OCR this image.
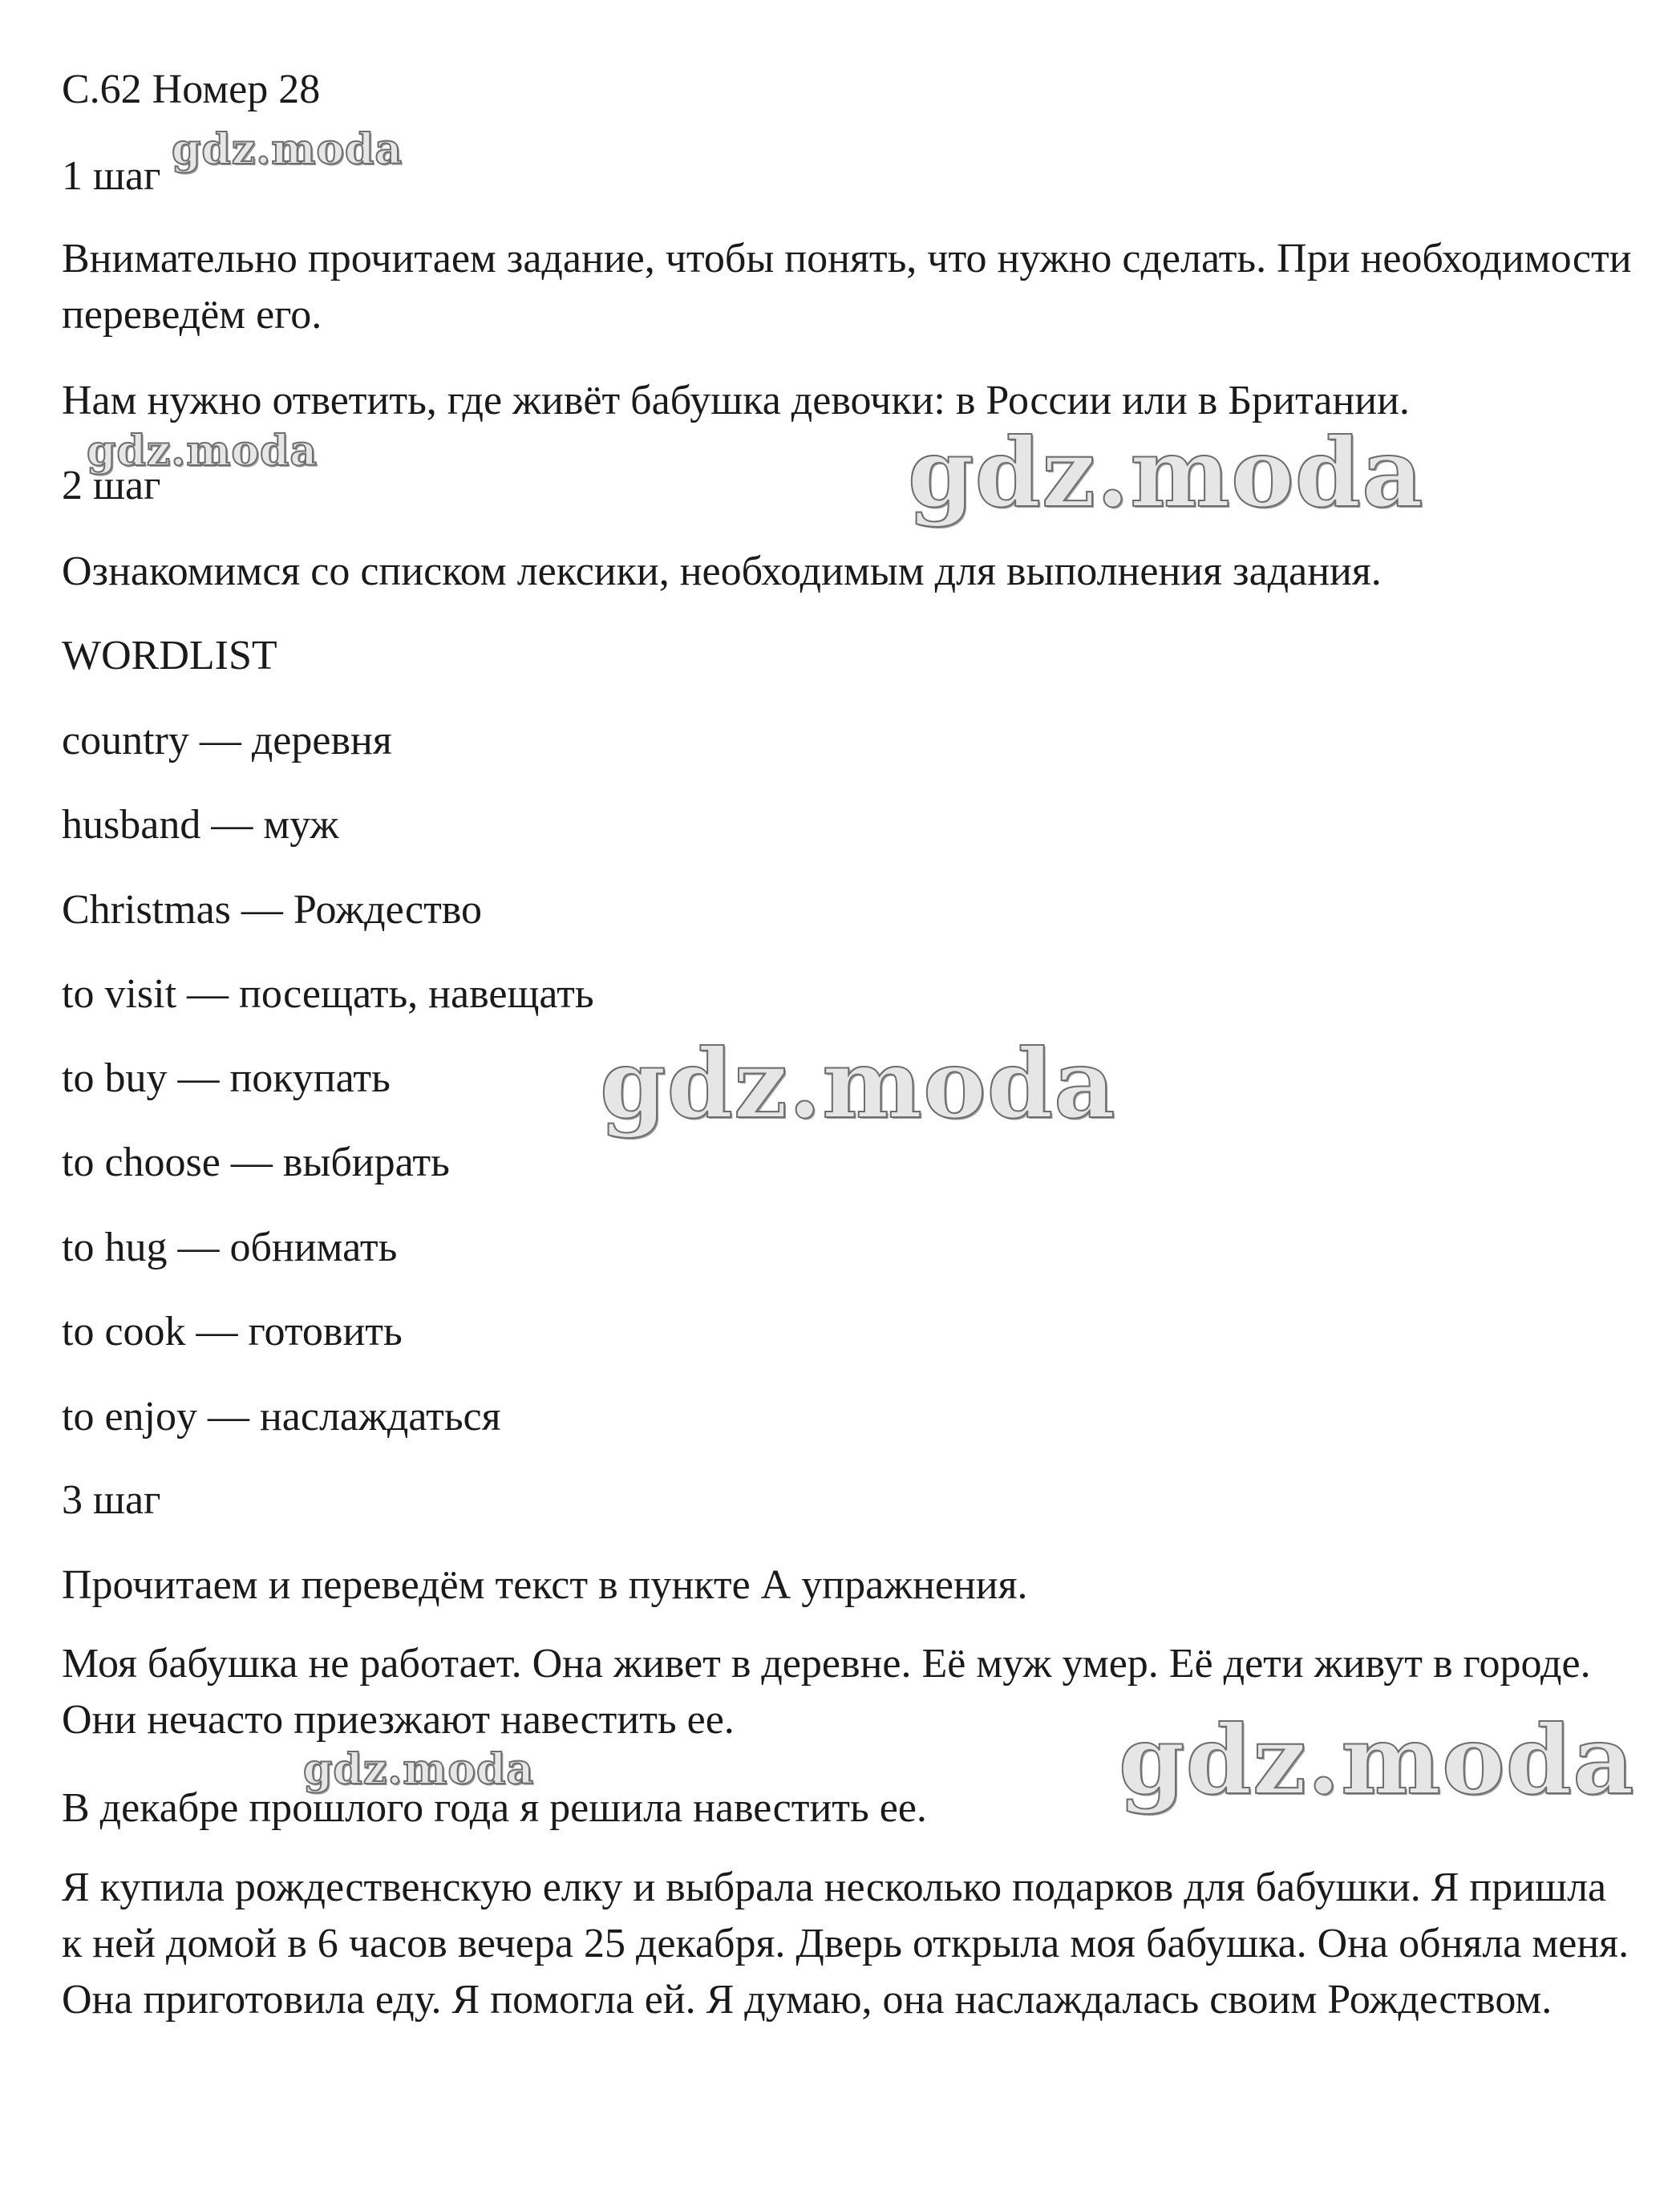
С.62 Номер 28

1 шаг

Внимательно прочитаем задание, чтобы понять, что нужно сделать. При необходимости переведём его.

Нам нужно ответить, где живёт бабушка девочки: в России или в Британии.

2 шаг

Ознакомимся со списком лексики, необходимым для выполнения задания.

WORDLIST

country — деревня

husband — муж

Christmas — Рождество

to visit — посещать, навещать

to buy — покупать

to choose — выбирать

to hug — обнимать

to cook — готовить

to enjoy — наслаждаться

3 шаг

Прочитаем и переведём текст в пункте А упражнения.

Моя бабушка не работает. Она живет в деревне. Её муж умер. Её дети живут в городе. Они нечасто приезжают навестить ее.

В декабре прошлого года я решила навестить ее.

Я купила рождественскую елку и выбрала несколько подарков для бабушки. Я пришла к ней домой в 6 часов вечера 25 декабря. Дверь открыла моя бабушка. Она обняла меня. Она приготовила еду. Я помогла ей. Я думаю, она наслаждалась своим Рождеством.

gdz.moda
gdz.moda	gdz.moda
gdz.moda
gdz.moda
gdz.moda
